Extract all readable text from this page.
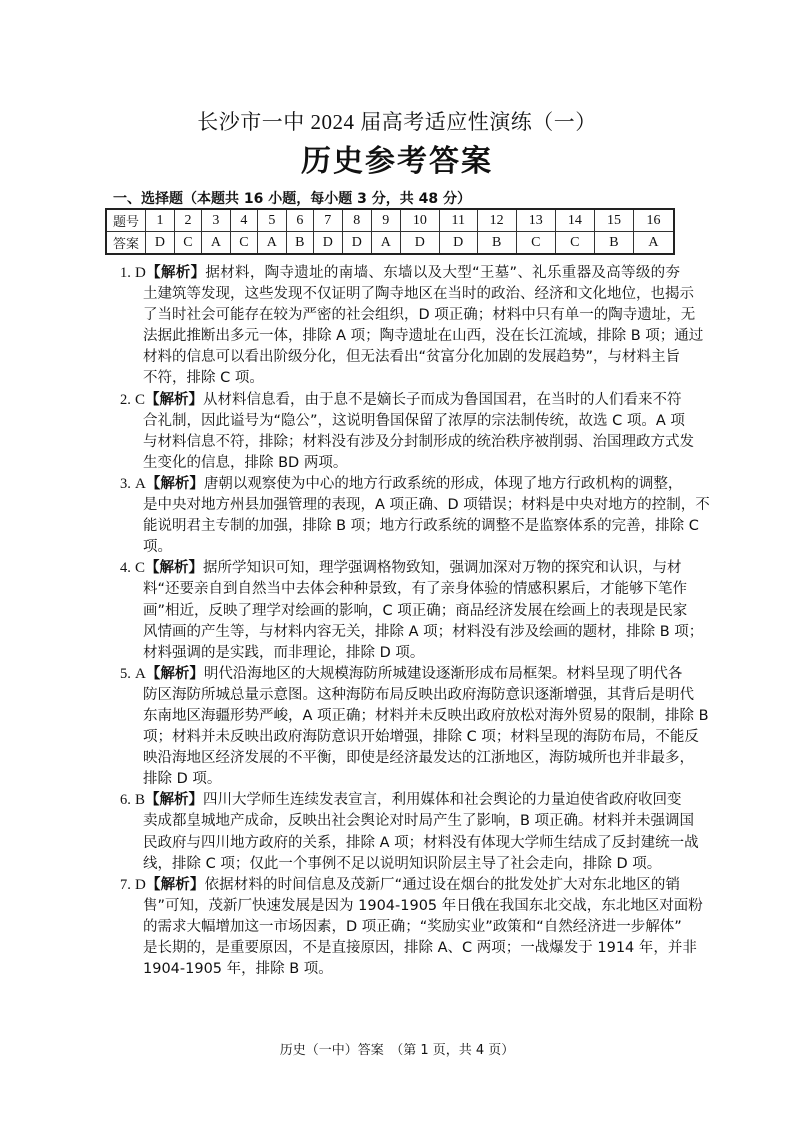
长沙市一中 2024 届高考适应性演练（一）
历史参考答案
一、选择题（本题共 16 小题，每小题 3 分，共 48 分）
题号	1	2	3	4	5	6	7	8	9	10	11	12	13	14	15	16
答案	D	C	A	C	A	B	D	D	A	D	D	B	C	C	B	A
1. D【解析】据材料，陶寺遗址的南墙、东墙以及大型“王墓”、礼乐重器及高等级的夯
土建筑等发现，这些发现不仅证明了陶寺地区在当时的政治、经济和文化地位，也揭示
了当时社会可能存在较为严密的社会组织，D 项正确；材料中只有单一的陶寺遗址，无
法据此推断出多元一体，排除 A 项；陶寺遗址在山西，没在长江流域，排除 B 项；通过
材料的信息可以看出阶级分化，但无法看出“贫富分化加剧的发展趋势”，与材料主旨
不符，排除 C 项。
2. C【解析】从材料信息看，由于息不是嫡长子而成为鲁国国君，在当时的人们看来不符
合礼制，因此谥号为“隐公”，这说明鲁国保留了浓厚的宗法制传统，故选 C 项。A 项
与材料信息不符，排除；材料没有涉及分封制形成的统治秩序被削弱、治国理政方式发
生变化的信息，排除 BD 两项。
3. A【解析】唐朝以观察使为中心的地方行政系统的形成，体现了地方行政机构的调整，
是中央对地方州县加强管理的表现，A 项正确、D 项错误；材料是中央对地方的控制，不
能说明君主专制的加强，排除 B 项；地方行政系统的调整不是监察体系的完善，排除 C
项。
4. C【解析】据所学知识可知，理学强调格物致知，强调加深对万物的探究和认识，与材
料“还要亲自到自然当中去体会种种景致，有了亲身体验的情感积累后，才能够下笔作
画”相近，反映了理学对绘画的影响，C 项正确；商品经济发展在绘画上的表现是民家
风情画的产生等，与材料内容无关，排除 A 项；材料没有涉及绘画的题材，排除 B 项；
材料强调的是实践，而非理论，排除 D 项。
5. A【解析】明代沿海地区的大规模海防所城建设逐渐形成布局框架。材料呈现了明代各
防区海防所城总量示意图。这种海防布局反映出政府海防意识逐渐增强，其背后是明代
东南地区海疆形势严峻，A 项正确；材料并未反映出政府放松对海外贸易的限制，排除 B
项；材料并未反映出政府海防意识开始增强，排除 C 项；材料呈现的海防布局，不能反
映沿海地区经济发展的不平衡，即使是经济最发达的江浙地区，海防城所也并非最多，
排除 D 项。
6. B【解析】四川大学师生连续发表宣言，利用媒体和社会舆论的力量迫使省政府收回变
卖成都皇城地产成命，反映出社会舆论对时局产生了影响，B 项正确。材料并未强调国
民政府与四川地方政府的关系，排除 A 项；材料没有体现大学师生结成了反封建统一战
线，排除 C 项；仅此一个事例不足以说明知识阶层主导了社会走向，排除 D 项。
7. D【解析】依据材料的时间信息及茂新厂“通过设在烟台的批发处扩大对东北地区的销
售”可知，茂新厂快速发展是因为 1904-1905 年日俄在我国东北交战，东北地区对面粉
的需求大幅增加这一市场因素，D 项正确；“奖励实业”政策和“自然经济进一步解体”
是长期的，是重要原因，不是直接原因，排除 A、C 两项；一战爆发于 1914 年，并非
1904-1905 年，排除 B 项。
历史（一中）答案　（第 1 页，共 4 页）
